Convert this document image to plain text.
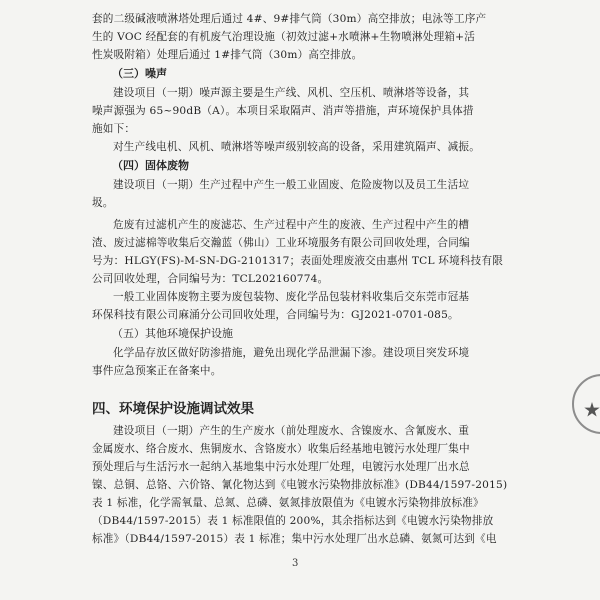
套的二级碱液喷淋塔处理后通过 4#、9#排气筒（30m）高空排放；电泳等工序产

生的 VOC 经配套的有机废气治理设施（初效过滤+水喷淋+生物喷淋处理箱+活

性炭吸附箱）处理后通过 1#排气筒（30m）高空排放。

（三）噪声

建设项目（一期）噪声源主要是生产线、风机、空压机、喷淋塔等设备，其

噪声源强为 65~90dB（A）。本项目采取隔声、消声等措施，声环境保护具体措

施如下：

对生产线电机、风机、喷淋塔等噪声级别较高的设备，采用建筑隔声、减振。

（四）固体废物

建设项目（一期）生产过程中产生一般工业固废、危险废物以及员工生活垃

圾。

危废有过滤机产生的废滤芯、生产过程中产生的废液、生产过程中产生的槽

渣、废过滤棉等收集后交瀚蓝（佛山）工业环境服务有限公司回收处理，合同编

号为：HLGY(FS)-M-SN-DG-2101317；表面处理废液交由惠州 TCL 环境科技有限

公司回收处理，合同编号为：TCL202160774。

一般工业固体废物主要为废包装物、废化学品包装材料收集后交东莞市冠基

环保科技有限公司麻涌分公司回收处理，合同编号为：GJ2021-0701-085。

（五）其他环境保护设施

化学品存放区做好防渗措施，避免出现化学品泄漏下渗。建设项目突发环境

事件应急预案正在备案中。

四、环境保护设施调试效果

建设项目（一期）产生的生产废水（前处理废水、含镍废水、含氰废水、重

金属废水、络合废水、焦铜废水、含铬废水）收集后经基地电镀污水处理厂集中

预处理后与生活污水一起纳入基地集中污水处理厂处理，电镀污水处理厂出水总

镍、总铜、总铬、六价铬、氰化物达到《电镀水污染物排放标准》(DB44/1597-2015)

表 1 标准，化学需氧量、总氮、总磷、氨氮排放限值为《电镀水污染物排放标准》

（DB44/1597-2015）表 1 标准限值的 200%，其余指标达到《电镀水污染物排放

标准》（DB44/1597-2015）表 1 标准；集中污水处理厂出水总磷、氨氮可达到《电

3
